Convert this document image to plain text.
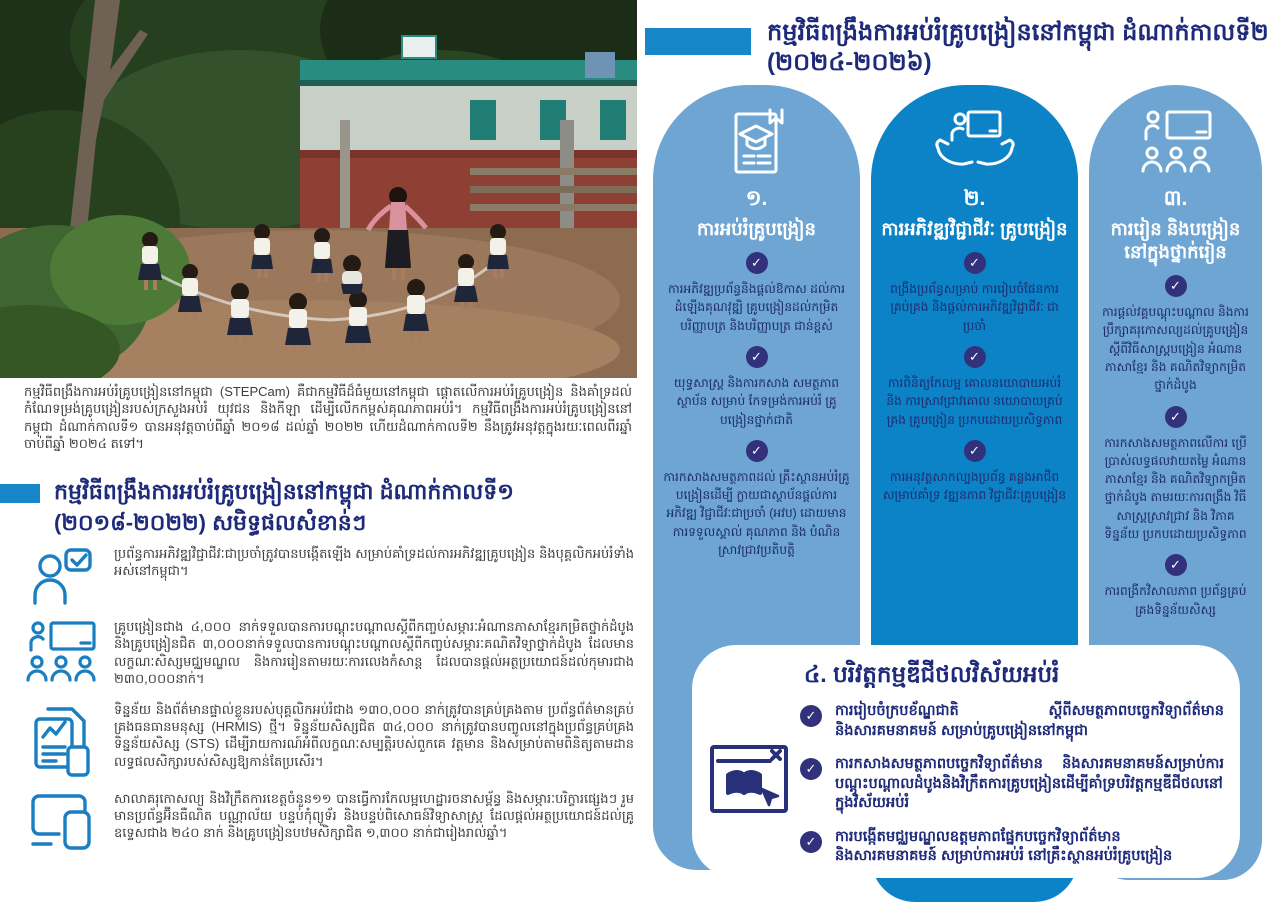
កម្មវិធីពង្រឹងការអប់រំគ្រូបង្រៀននៅកម្ពុជា (STEPCam) គឺជាកម្មវិធីដ៏ធំមួយនៅកម្ពុជា ផ្តោតលើការអប់រំគ្រូបង្រៀន និងគាំទ្រដល់កំណែទម្រង់គ្រូបង្រៀនរបស់ក្រសួងអប់រំ យុវជន និងកីឡា ដើម្បីលើកកម្ពស់គុណភាពអប់រំ។ កម្មវិធីពង្រឹងការអប់រំគ្រូបង្រៀននៅកម្ពុជា ដំណាក់កាលទី១ បានអនុវត្តចាប់ពីឆ្នាំ ២០១៨ ដល់ឆ្នាំ ២០២២ ហើយដំណាក់កាលទី២ នឹងត្រូវអនុវត្តក្នុងរយៈពេលពីរឆ្នាំ ចាប់ពីឆ្នាំ ២០២៤ តទៅ។
កម្មវិធីពង្រឹងការអប់រំគ្រូបង្រៀននៅកម្ពុជា ដំណាក់កាលទី១ (២០១៨-២០២២) សមិទ្ធផលសំខាន់ៗ
ប្រព័ន្ធការអភិវឌ្ឍវិជ្ជាជីវៈជាប្រចាំត្រូវបានបង្កើតឡើង សម្រាប់គាំទ្រដល់ការអភិវឌ្ឍគ្រូបង្រៀន និងបុគ្គលិកអប់រំទាំងអស់នៅកម្ពុជា។
គ្រូបង្រៀនជាង ៤,០០០ នាក់ទទួលបានការបណ្តុះបណ្តាលស្តីពីកញ្ចប់សម្ភារៈអំណានភាសាខ្មែរកម្រិតថ្នាក់ដំបូង និងគ្រូបង្រៀនជិត ៣,០០០នាក់ទទួលបានការបណ្តុះបណ្តាលស្តីពីកញ្ចប់សម្ភារៈគណិតវិទ្យាថ្នាក់ដំបូង ដែលមានលក្ខណៈសិស្សមជ្ឈមណ្ឌល និងការរៀនតាមរយៈការលេងកំសាន្ត ដែលបានផ្តល់អត្ថប្រយោជន៍ដល់កុមារជាង ២៣០,០០០នាក់។
ទិន្នន័យ និងព័ត៌មានផ្ទាល់ខ្លួនរបស់បុគ្គលិកអប់រំជាង ១៣០,០០០ នាក់ត្រូវបានគ្រប់គ្រងតាម ប្រព័ន្ធព័ត៌មានគ្រប់គ្រងធនធានមនុស្ស (HRMIS) ថ្មី។ ទិន្នន័យសិស្សជិត ៣៤,០០០ នាក់ត្រូវបានបញ្ចូលនៅក្នុងប្រព័ន្ធគ្រប់គ្រងទិន្នន័យសិស្ស (STS) ដើម្បីរាយការណ៍អំពីលក្ខណៈសម្បត្តិរបស់ពួកគេ វត្តមាន និងសម្រាប់តាមពិនិត្យតាមដានលទ្ធផលសិក្សារបស់សិស្សឱ្យកាន់តែប្រសើរ។
សាលាគរុកោសល្យ និងវិក្រឹតការខេត្តចំនួន១១ បានធ្វើការកែលម្អហេដ្ឋារចនាសម្ព័ន្ធ និងសម្ភារៈបរិក្ខារផ្សេងៗ រួមមានប្រព័ន្ធអ៊ីនធឺណិត បណ្ណាល័យ បន្ទប់កុំព្យូទ័រ និងបន្ទប់ពិសោធន៍វិទ្យាសាស្ត្រ ដែលផ្តល់អត្ថប្រយោជន៍ដល់គ្រូឧទ្ទេសជាង ២៤០ នាក់ និងគ្រូបង្រៀនបឋមសិក្សាជិត ១,៣០០ នាក់ជារៀងរាល់ឆ្នាំ។
កម្មវិធីពង្រឹងការអប់រំគ្រូបង្រៀននៅកម្ពុជា ដំណាក់កាលទី២ (២០២៤-២០២៦)
១.
ការអប់រំគ្រូបង្រៀន
✓
ការអភិវឌ្ឍប្រព័ន្ធនិងផ្តល់ឱកាស ដល់ការដំឡើងគុណវុឌ្ឍិ គ្រូបង្រៀនដល់កម្រិត បរិញ្ញាបត្រ និងបរិញ្ញាបត្រ ជាន់ខ្ពស់
✓
យុទ្ធសាស្ត្រ និងការកសាង សមត្ថភាពស្ថាប័ន សម្រាប់ កែទម្រង់ការអប់រំ គ្រូបង្រៀនថ្នាក់ជាតិ
✓
ការកសាងសមត្ថភាពដល់ គ្រឹះស្ថានអប់រំគ្រូបង្រៀនដើម្បី ក្លាយជាស្ថាប័នផ្តល់ការអភិវឌ្ឍ វិជ្ជាជីវៈជាប្រចាំ (អវប) ដោយមានការទទួលស្គាល់ គុណភាព និង បំណិនស្រាវជ្រាវប្រតិបត្តិ
២.
ការអភិវឌ្ឍវិជ្ជាជីវៈ គ្រូបង្រៀន
✓
ពង្រឹងប្រព័ន្ធសម្រាប់ ការរៀបចំផែនការ គ្រប់គ្រង និងផ្តល់ការអភិវឌ្ឍវិជ្ជាជីវៈ ជាប្រចាំ
✓
ការពិនិត្យកែលម្អ គោលនយោបាយអប់រំ និង ការស្រាវជ្រាវគោល នយោបាយគ្រប់គ្រង គ្រូបង្រៀន ប្រកបដោយប្រសិទ្ធភាព
✓
ការអនុវត្តសាកល្បងប្រព័ន្ធ គន្លងអាជីព សម្រាប់គាំទ្រ វឌ្ឍនភាព វិជ្ជាជីវៈគ្រូបង្រៀន
៣.
ការរៀន និងបង្រៀន នៅក្នុងថ្នាក់រៀន
✓
ការផ្តល់វគ្គបណ្តុះបណ្តាល និងការ ប្រឹក្សាគរុកោសល្យដល់គ្រូបង្រៀន ស្តីពីវិធីសាស្ត្របង្រៀន អំណានភាសាខ្មែរ និង គណិតវិទ្យាកម្រិតថ្នាក់ដំបូង
✓
ការកសាងសមត្ថភាពលើការ ប្រើប្រាស់លទ្ធផលវាយតម្លៃ អំណានភាសាខ្មែរ និង គណិតវិទ្យាកម្រិតថ្នាក់ដំបូង តាមរយៈការពង្រឹង វិធីសាស្ត្រស្រាវជ្រាវ និង វិភាគទិន្នន័យ ប្រកបដោយប្រសិទ្ធភាព
✓
ការពង្រីកវិសាលភាព ប្រព័ន្ធគ្រប់គ្រងទិន្នន័យសិស្ស
៤. បរិវត្តកម្មឌីជីថលវិស័យអប់រំ
✓	ការរៀបចំក្របខ័ណ្ឌជាតិ ស្តីពីសមត្ថភាពបច្ចេកវិទ្យាព័ត៌មាន និងសារគមនាគមន៍ សម្រាប់គ្រូបង្រៀននៅកម្ពុជា
✓	ការកសាងសមត្ថភាពបច្ចេកវិទ្យាព័ត៌មាន និងសារគមនាគមន៍សម្រាប់ការបណ្តុះបណ្តាលដំបូងនិងវិក្រឹតការគ្រូបង្រៀនដើម្បីគាំទ្របរិវត្តកម្មឌីជីថលនៅក្នុងវិស័យអប់រំ
✓	ការបង្កើតមជ្ឈមណ្ឌលឧត្តមភាពផ្នែកបច្ចេកវិទ្យាព័ត៌មាន និងសារគមនាគមន៍ សម្រាប់ការអប់រំ នៅគ្រឹះស្ថានអប់រំគ្រូបង្រៀន
